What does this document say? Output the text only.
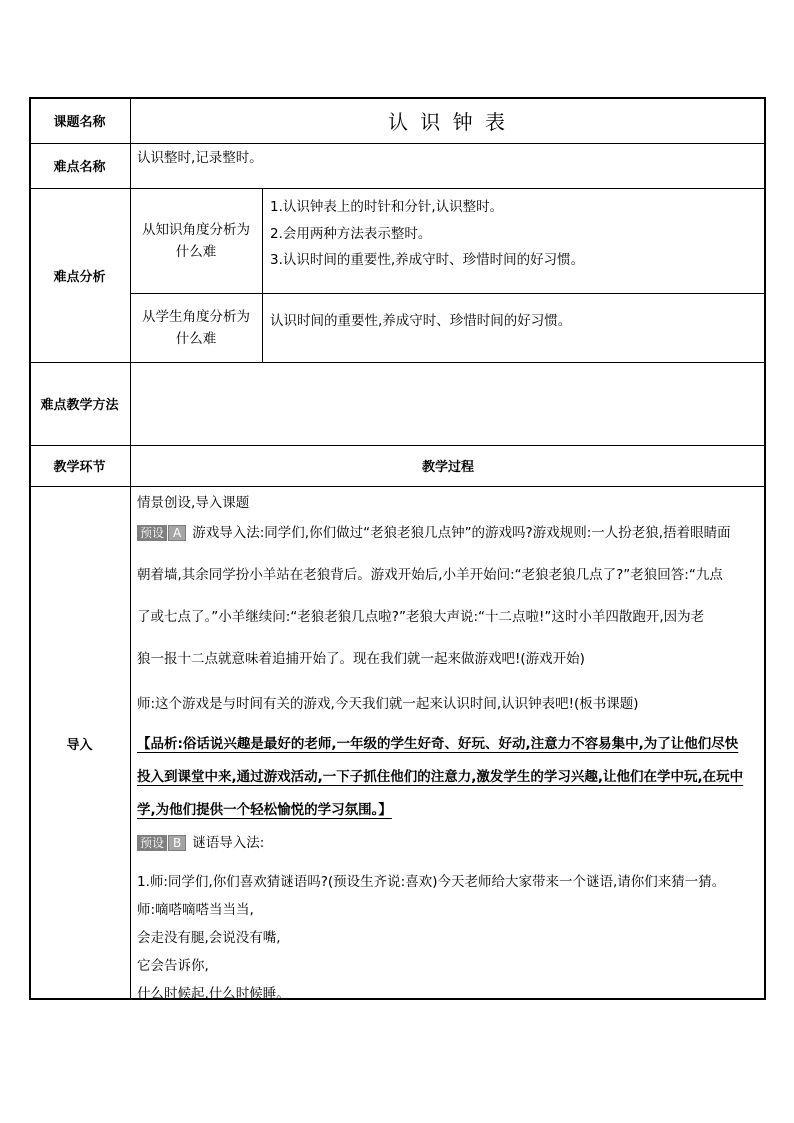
课题名称	认 识 钟 表
难点名称
认识整时,记录整时。
难点分析
从知识角度分析为
什么难
1.认识钟表上的时针和分针,认识整时。
2.会用两种方法表示整时。
3.认识时间的重要性,养成守时、珍惜时间的好习惯。
从学生角度分析为
什么难
认识时间的重要性,养成守时、珍惜时间的好习惯。
难点教学方法
教学环节	教学过程
导入
情景创设,导入课题
预设 A 游戏导入法:同学们,你们做过“老狼老狼几点钟”的游戏吗?游戏规则:一人扮老狼,捂着眼睛面
朝着墙,其余同学扮小羊站在老狼背后。游戏开始后,小羊开始问:“老狼老狼几点了?”老狼回答:“九点
了或七点了。”小羊继续问:“老狼老狼几点啦?”老狼大声说:“十二点啦!”这时小羊四散跑开,因为老
狼一报十二点就意味着追捕开始了。现在我们就一起来做游戏吧!(游戏开始)
师:这个游戏是与时间有关的游戏,今天我们就一起来认识时间,认识钟表吧!(板书课题)
【品析:俗话说兴趣是最好的老师,一年级的学生好奇、好玩、好动,注意力不容易集中,为了让他们尽快
投入到课堂中来,通过游戏活动,一下子抓住他们的注意力,激发学生的学习兴趣,让他们在学中玩,在玩中
学,为他们提供一个轻松愉悦的学习氛围。】
预设 B 谜语导入法:
1.师:同学们,你们喜欢猜谜语吗?(预设生齐说:喜欢)今天老师给大家带来一个谜语,请你们来猜一猜。
师:嘀嗒嘀嗒当当当,
会走没有腿,会说没有嘴,
它会告诉你,
什么时候起,什么时候睡。
